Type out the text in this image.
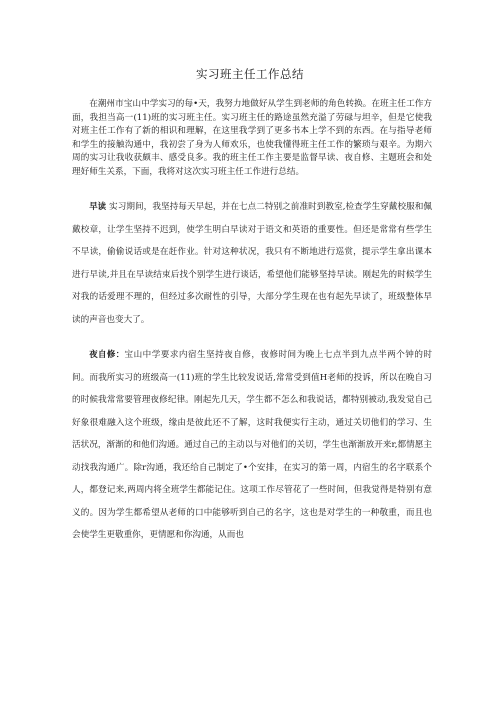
实习班主任工作总结

在潮州市宝山中学实习的每•天，我努力地做好从学生到老师的角色转换。在班主任工作方面，我担当高一(11)班的实习班主任。实习班主任的路途虽然充溢了劳碌与坦辛，但是它使我对班主任工作有了新的相识和理解，在这里我学到了更多书本上学不到的东西。在与指导老师和学生的接触沟通中，我初尝了身为人师欢乐，也使我懂得班主任工作的繁琐与艰辛。为期六周的实习让我收获颇丰、感受良多。我的班主任工作主要是监督早读、夜自修、主题班会和处理好师生关系，下面，我将对这次实习班主任工作进行总结。

早读 实习期间，我坚持每天早起，并在七点二特别之前准时到教室,检查学生穿戴校服和佩戴校章，让学生坚持不迟到，使学生明白早读对于语文和英语的重要性。但还是常常有些学生不早读，偷偷说话或是在赶作业。针对这种状况，我只有不断地进行巡赏，提示学生拿出课本进行早读,并且在早读结束后找个别学生进行谈话，希望他们能够坚持早读。刚起先的时候学生对我的话爱理不理的，但经过多次耐性的引导，大部分学生现在也有起先早读了，班级整体早读的声音也变大了。

夜自修：宝山中学要求内宿生坚持夜自修，夜修时间为晚上七点半到九点半两个钟的时间。而我所实习的班级高一(11)班的学生比较发说话,常常受到值H老师的投诉，所以在晚自习的时候我常常要管理夜修纪律。刚起先几天，学生都不怎么和我说话，都特别被动,我发觉自己好象很难融入这个班级，缘由是彼此还不了解，这时我便实行主动，通过关切他们的学习、生活状况，渐渐的和他们沟通。通过自己的主动以与对他们的关切，学生也渐渐放开来r,都情愿主动找我沟通广。除r沟通，我还给自己制定了•个安排，在实习的第一周，内宿生的名字联系个人，都登记来,两周内将全班学生都能记住。这项工作尽管花了一些时间，但我觉得是特别有意义的。因为学生都希望从老师的口中能够听到自己的名字，这也是对学生的一种敬重，而且也会使学生更敬重你，更情愿和你沟通，从而也
